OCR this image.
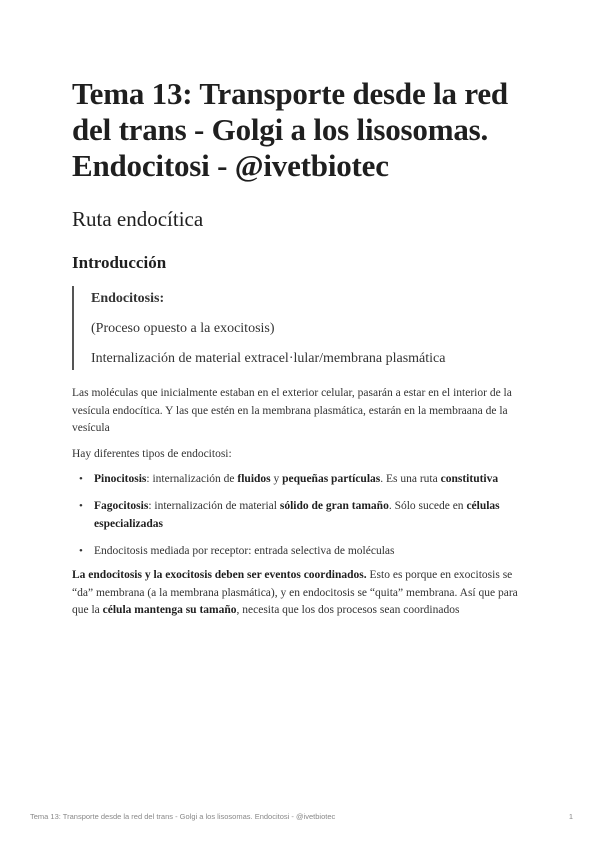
Tema 13: Transporte desde la red del trans - Golgi a los lisosomas. Endocitosi - @ivetbiotec
Ruta endocítica
Introducción

Endocitosis:

(Proceso opuesto a la exocitosis)

Internalización de material extracel·lular/membrana plasmática

Las moléculas que inicialmente estaban en el exterior celular, pasarán a estar en el interior de la vesícula endocítica. Y las que estén en la membrana plasmática, estarán en la membraana de la vesícula

Hay diferentes tipos de endocitosi:

• Pinocitosis: internalización de fluidos y pequeñas partículas. Es una ruta constitutiva
• Fagocitosis: internalización de material sólido de gran tamaño. Sólo sucede en células especializadas
• Endocitosis mediada por receptor: entrada selectiva de moléculas

La endocitosis y la exocitosis deben ser eventos coordinados. Esto es porque en exocitosis se “da” membrana (a la membrana plasmática), y en endocitosis se “quita” membrana. Así que para que la célula mantenga su tamaño, necesita que los dos procesos sean coordinados

Tema 13: Transporte desde la red del trans - Golgi a los lisosomas. Endocitosi - @ivetbiotec	1
